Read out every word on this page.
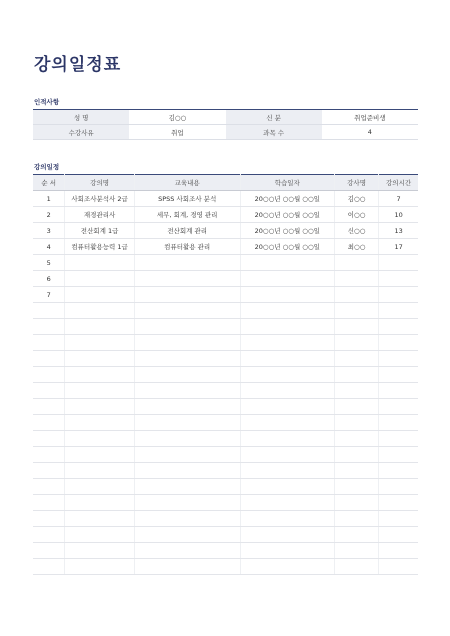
강의일정표
인적사항
성 명	김○○	신 분	취업준비생
수강사유	취업	과목 수	4
강의일정
순 서	강의명	교육내용	학습일자	강사명	강의시간
1	사회조사분석사 2급	SPSS 사회조사 분석	20○○년 ○○월 ○○일	김○○	7
2	재경관리사	세무, 회계, 경영 관리	20○○년 ○○월 ○○일	이○○	10
3	전산회계 1급	전산회계 관리	20○○년 ○○월 ○○일	신○○	13
4	컴퓨터활용능력 1급	컴퓨터활용 관리	20○○년 ○○월 ○○일	최○○	17
5					
6					
7					
